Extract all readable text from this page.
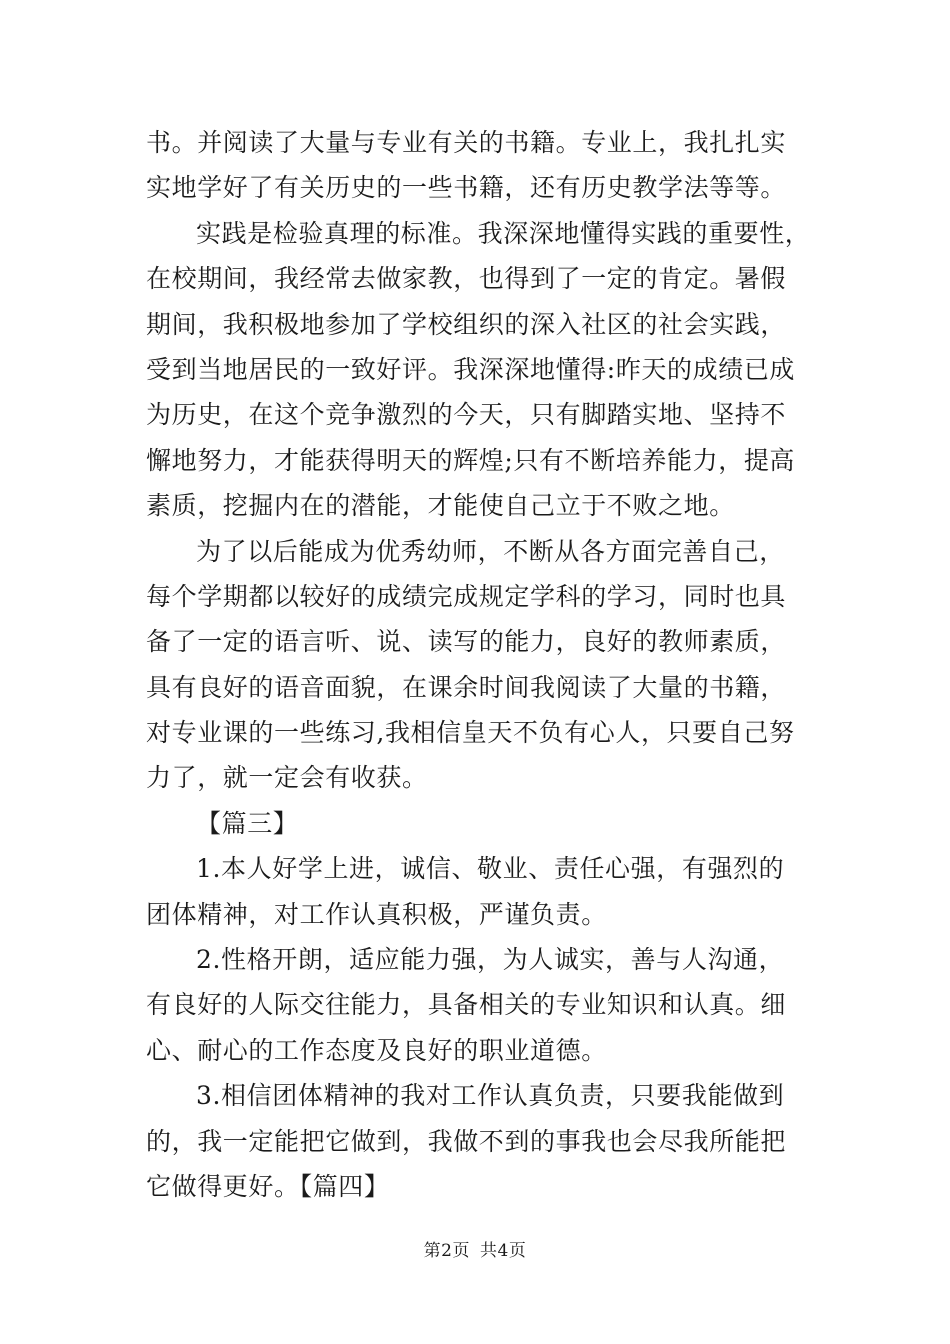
书。并阅读了大量与专业有关的书籍。专业上，我扎扎实
实地学好了有关历史的一些书籍，还有历史教学法等等。
实践是检验真理的标准。我深深地懂得实践的重要性，
在校期间，我经常去做家教，也得到了一定的肯定。暑假
期间，我积极地参加了学校组织的深入社区的社会实践，
受到当地居民的一致好评。我深深地懂得:昨天的成绩已成
为历史，在这个竞争激烈的今天，只有脚踏实地、坚持不
懈地努力，才能获得明天的辉煌;只有不断培养能力，提高
素质，挖掘内在的潜能，才能使自己立于不败之地。
为了以后能成为优秀幼师，不断从各方面完善自己，
每个学期都以较好的成绩完成规定学科的学习，同时也具
备了一定的语言听、说、读写的能力，良好的教师素质，
具有良好的语音面貌，在课余时间我阅读了大量的书籍，
对专业课的一些练习,我相信皇天不负有心人，只要自己努
力了，就一定会有收获。
【篇三】
1.本人好学上进，诚信、敬业、责任心强，有强烈的
团体精神，对工作认真积极，严谨负责。
2.性格开朗，适应能力强，为人诚实，善与人沟通，
有良好的人际交往能力，具备相关的专业知识和认真。细
心、耐心的工作态度及良好的职业道德。
3.相信团体精神的我对工作认真负责，只要我能做到
的，我一定能把它做到，我做不到的事我也会尽我所能把
它做得更好。【篇四】
第2页 共4页
